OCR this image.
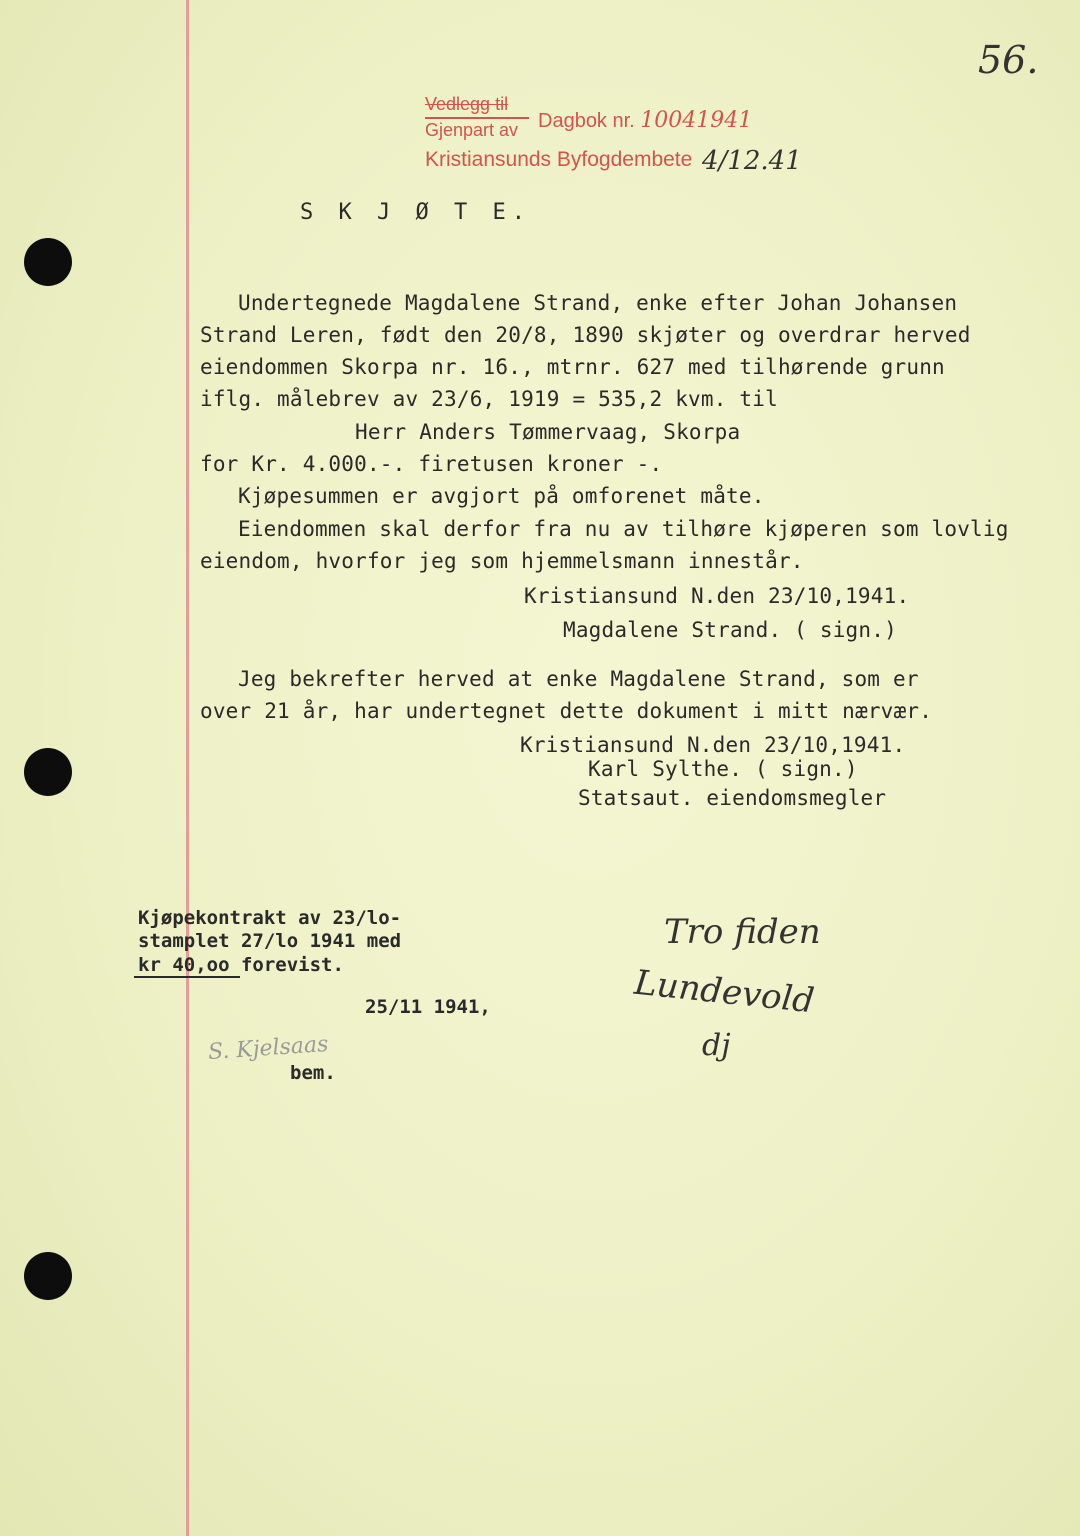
56.
Vedlegg til
Dagbok nr. 10041941
Gjenpart av
Kristiansunds Byfogdembete 4/12.41
S K J Ø T E.
Undertegnede Magdalene Strand, enke efter Johan Johansen
Strand Leren, født den 20/8, 1890 skjøter og overdrar herved
eiendommen Skorpa nr. 16., mtrnr. 627 med tilhørende grunn
iflg. målebrev av 23/6, 1919 = 535,2 kvm. til
Herr Anders Tømmervaag, Skorpa
for Kr. 4.000.-. firetusen kroner -.
Kjøpesummen er avgjort på omforenet måte.
Eiendommen skal derfor fra nu av tilhøre kjøperen som lovlig
eiendom, hvorfor jeg som hjemmelsmann innestår.
Kristiansund N.den 23/10,1941.
Magdalene Strand. ( sign.)
Jeg bekrefter herved at enke Magdalene Strand, som er
over 21 år, har undertegnet dette dokument i mitt nærvær.
Kristiansund N.den 23/10,1941.
Karl Sylthe. ( sign.)
Statsaut. eiendomsmegler
Kjøpekontrakt av 23/lo-
stamplet 27/lo 1941 med
kr 40,oo forevist.
25/11 1941,
bem.
S. Kjelsaas
Tro fiden
Lundevold
dj
